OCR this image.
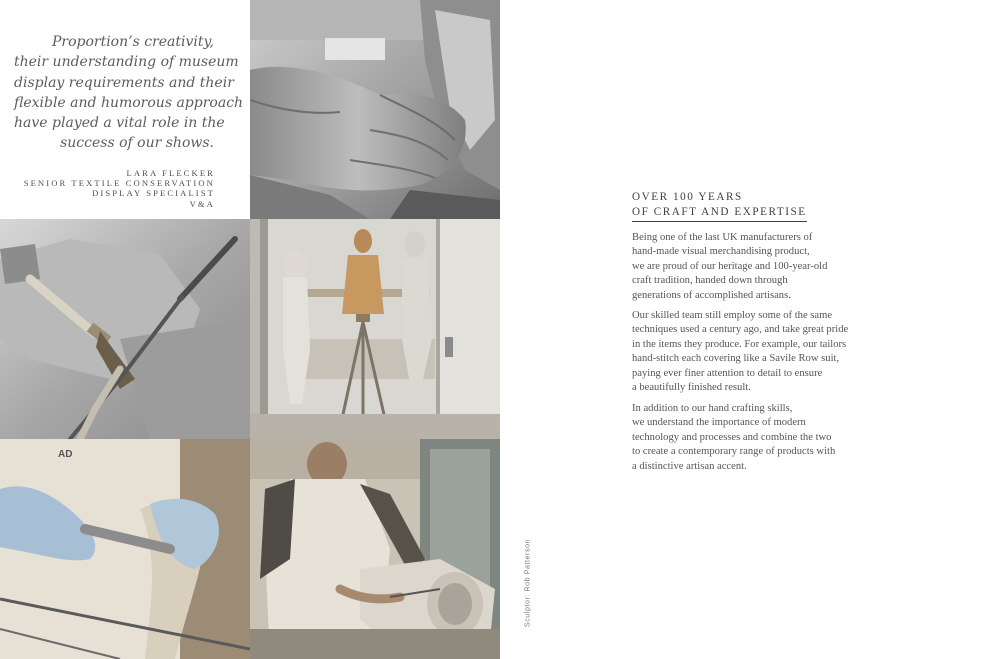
Proportion’s creativity,
their understanding of museum
display requirements and their
flexible and humorous approach
have played a vital role in the
success of our shows.
LARA FLECKER
SENIOR TEXTILE CONSERVATION
DISPLAY SPECIALIST
V&A
AD
Sculptor: Rob Patterson
OVER 100 YEARS
OF CRAFT AND EXPERTISE
Being one of the last UK manufacturers of
hand-made visual merchandising product,
we are proud of our heritage and 100-year-old
craft tradition, handed down through
generations of accomplished artisans.
Our skilled team still employ some of the same
techniques used a century ago, and take great pride
in the items they produce. For example, our tailors
hand-stitch each covering like a Savile Row suit,
paying ever finer attention to detail to ensure
a beautifully finished result.
In addition to our hand crafting skills,
we understand the importance of modern
technology and processes and combine the two
to create a contemporary range of products with
a distinctive artisan accent.
